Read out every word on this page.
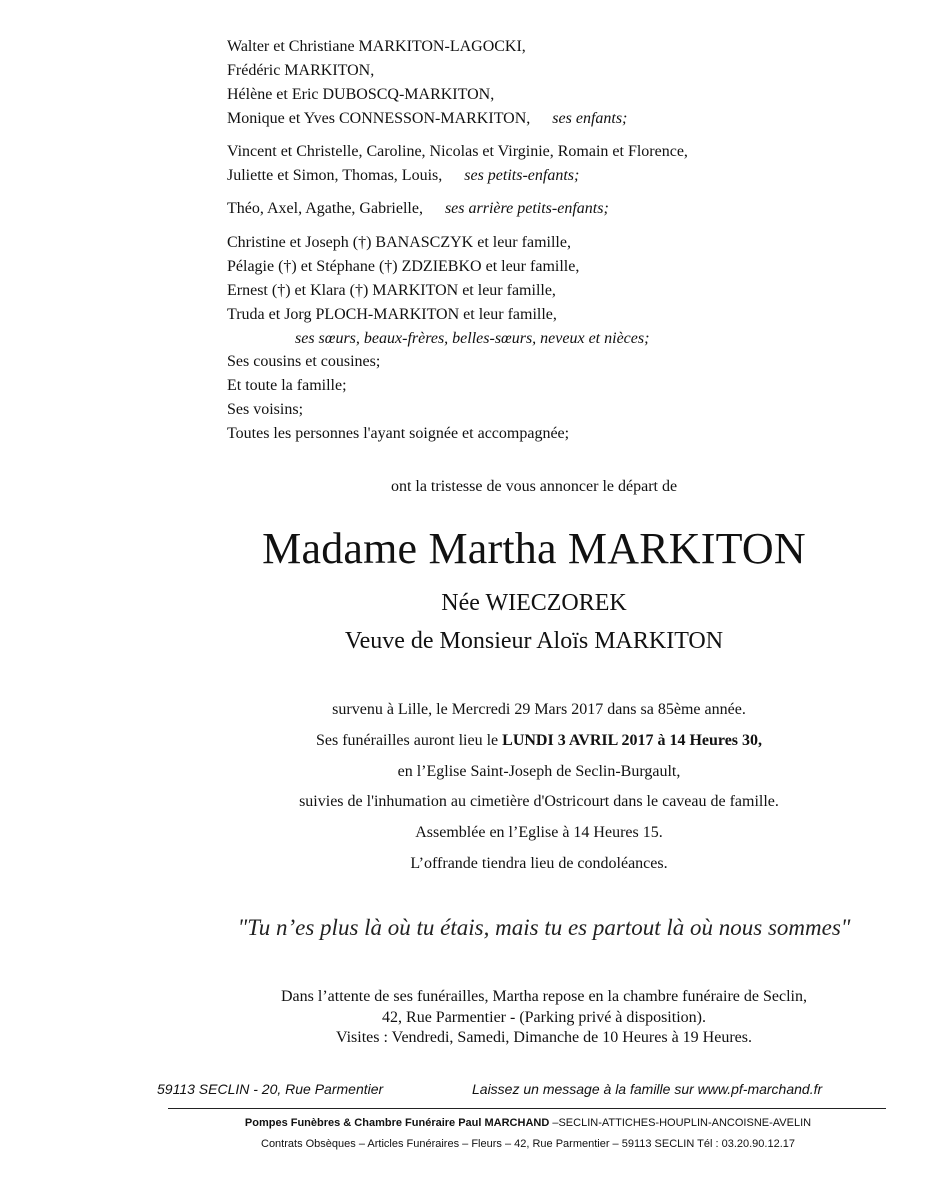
Walter et Christiane MARKITON-LAGOCKI,
Frédéric MARKITON,
Hélène et Eric DUBOSCQ-MARKITON,
Monique et Yves CONNESSON-MARKITON, ses enfants;
Vincent et Christelle, Caroline, Nicolas et Virginie, Romain et Florence,
Juliette et Simon, Thomas, Louis, ses petits-enfants;
Théo, Axel, Agathe, Gabrielle, ses arrière petits-enfants;
Christine et Joseph (†) BANASCZYK et leur famille,
Pélagie (†) et Stéphane (†) ZDZIEBKO et leur famille,
Ernest (†) et Klara (†) MARKITON et leur famille,
Truda et Jorg PLOCH-MARKITON et leur famille,
ses sœurs, beaux-frères, belles-sœurs, neveux et nièces;
Ses cousins et cousines;
Et toute la famille;
Ses voisins;
Toutes les personnes l'ayant soignée et accompagnée;
ont la tristesse de vous annoncer le départ de
Madame Martha MARKITON
Née WIECZOREK
Veuve de Monsieur Aloïs MARKITON
survenu à Lille, le Mercredi 29 Mars 2017 dans sa 85ème année.
Ses funérailles auront lieu le LUNDI 3 AVRIL 2017 à 14 Heures 30,
en l’Eglise Saint-Joseph de Seclin-Burgault,
suivies de l'inhumation au cimetière d'Ostricourt dans le caveau de famille.
Assemblée en l’Eglise à 14 Heures 15.
L’offrande tiendra lieu de condoléances.
"Tu n’es plus là où tu étais, mais tu es partout là où nous sommes"
Dans l’attente de ses funérailles, Martha repose en la chambre funéraire de Seclin,
42, Rue Parmentier - (Parking privé à disposition).
Visites : Vendredi, Samedi, Dimanche de 10 Heures à 19 Heures.
59113 SECLIN - 20, Rue Parmentier	Laissez un message à la famille sur www.pf-marchand.fr
Pompes Funèbres & Chambre Funéraire Paul MARCHAND –SECLIN-ATTICHES-HOUPLIN-ANCOISNE-AVELIN
Contrats Obsèques – Articles Funéraires – Fleurs – 42, Rue Parmentier – 59113 SECLIN Tél : 03.20.90.12.17
